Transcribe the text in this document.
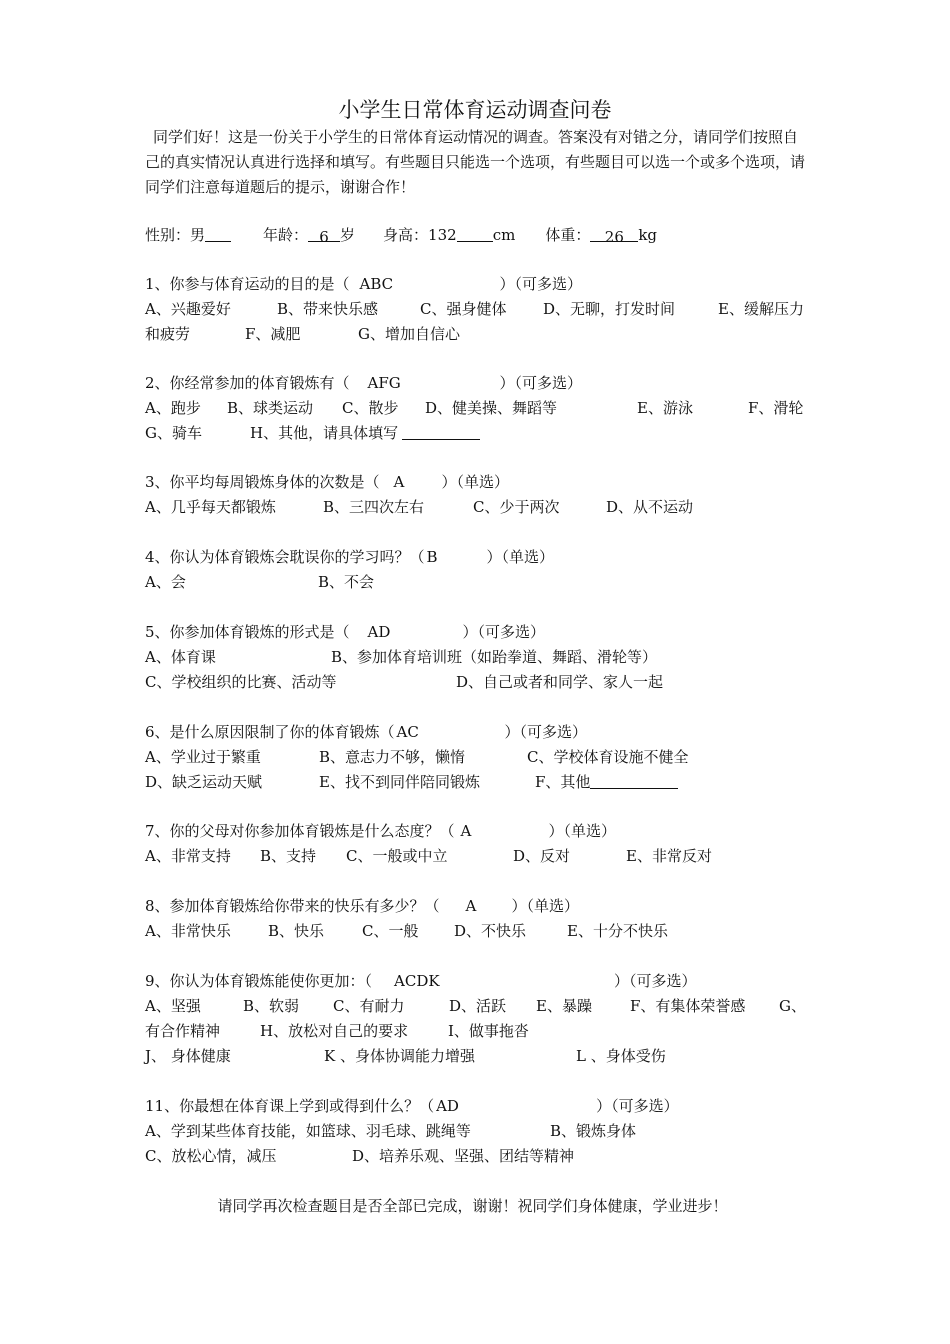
小学生日常体育运动调查问卷
同学们好！这是一份关于小学生的日常体育运动情况的调查。答案没有对错之分，请同学们按照自己的真实情况认真进行选择和填写。有些题目只能选一个选项，有些题目可以选一个或多个选项，请同学们注意每道题后的提示，谢谢合作！
性别：男	年龄： 6 岁 身高：132 cm 体重： 26 kg
1、你参与体育运动的目的是（ ABC	）（可多选）
A、兴趣爱好	B、带来快乐感	C、强身健体 D、无聊，打发时间	E、缓解压力
和疲劳	F、减肥	G、增加自信心
2、你经常参加的体育锻炼有（ AFG	）（可多选）
A、跑步 B、球类运动 C、散步 D、健美操、舞蹈等	E、游泳	F、滑轮
G、骑车	H、其他，请具体填写
3、你平均每周锻炼身体的次数是（ A ）（单选）
A、几乎每天都锻炼	B、三四次左右	C、少于两次	D、从不运动
4、你认为体育锻炼会耽误你的学习吗？（ B	）（单选）
A、会	B、不会
5、你参加体育锻炼的形式是（ AD	）（可多选）
A、体育课	B、参加体育培训班（如跆拳道、舞蹈、滑轮等）
C、学校组织的比赛、活动等	D、自己或者和同学、家人一起
6、是什么原因限制了你的体育锻炼（ AC	）（可多选）
A、学业过于繁重	B、意志力不够，懒惰	C、学校体育设施不健全
D、缺乏运动天赋	E、找不到同伴陪同锻炼	F、其他
7、你的父母对你参加体育锻炼是什么态度？（ A	）（单选）
A、非常支持 B、支持 C、一般或中立	D、反对	E、非常反对
8、参加体育锻炼给你带来的快乐有多少？（ A ）（单选）
A、非常快乐 B、快乐	C、一般 D、不快乐	E、十分不快乐
9、你认为体育锻炼能使你更加：（ ACDK	）（可多选）
A、坚强	B、软弱 C、有耐力	D、活跃 E、暴躁	F、有集体荣誉感 G、
有合作精神	H、放松对自己的要求	I、做事拖沓
J、 身体健康	K 、身体协调能力增强	L 、身体受伤
11、你最想在体育课上学到或得到什么？（ AD	）（可多选）
A、学到某些体育技能，如篮球、羽毛球、跳绳等	B、锻炼身体
C、放松心情，减压	D、培养乐观、坚强、团结等精神
请同学再次检查题目是否全部已完成，谢谢！祝同学们身体健康，学业进步！
